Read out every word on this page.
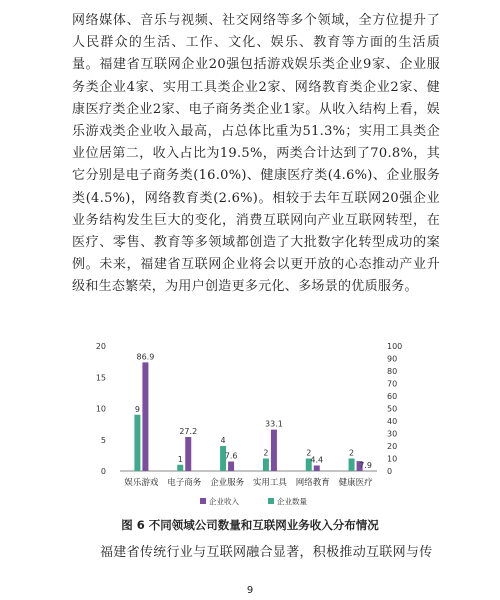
网络媒体、音乐与视频、社交网络等多个领域，全方位提升了人民群众的生活、工作、文化、娱乐、教育等方面的生活质量。福建省互联网企业20强包括游戏娱乐类企业9家、企业服务类企业4家、实用工具类企业2家、网络教育类企业2家、健康医疗类企业2家、电子商务类企业1家。从收入结构上看，娱乐游戏类企业收入最高，占总体比重为51.3%；实用工具类企业位居第二，收入占比为19.5%，两类合计达到了70.8%，其它分别是电子商务类(16.0%)、健康医疗类(4.6%)、企业服务类(4.5%)，网络教育类(2.6%)。相较于去年互联网20强企业业务结构发生巨大的变化，消费互联网向产业互联网转型，在医疗、零售、教育等多领域都创造了大批数字化转型成功的案例。未来，福建省互联网企业将会以更开放的心态推动产业升级和生态繁荣，为用户创造更多元化、多场景的优质服务。
0
5
10
15
20
0
10
20
30
40
50
60
70
80
90
100
9
86.9
娱乐游戏
1
27.2
电子商务
4
7.6
企业服务
2
33.1
实用工具
2
4.4
网络教育
2
7.9
健康医疗
企业收入	企业数量
图 6 不同领域公司数量和互联网业务收入分布情况
福建省传统行业与互联网融合显著，积极推动互联网与传
9
